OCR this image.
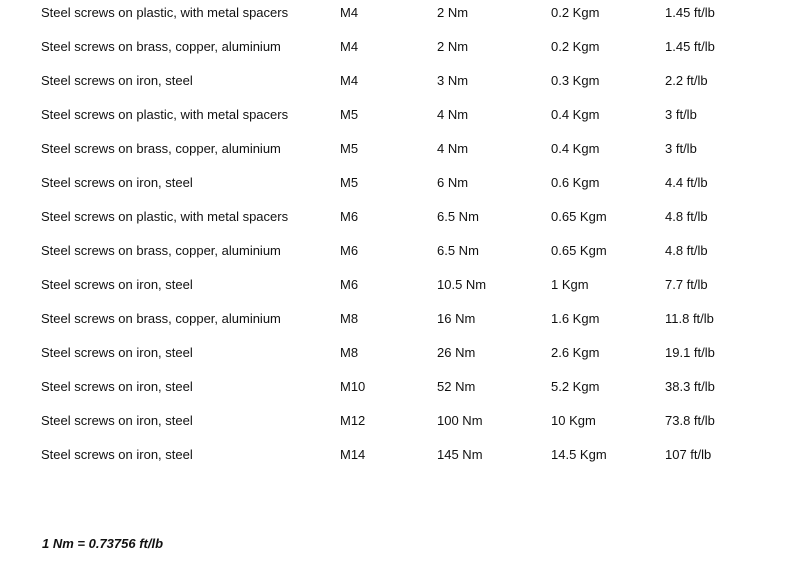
Steel screws on plastic, with metal spacers	M4	2 Nm	0.2 Kgm	1.45 ft/lb
Steel screws on brass, copper, aluminium	M4	2 Nm	0.2 Kgm	1.45 ft/lb
Steel screws on iron, steel	M4	3 Nm	0.3 Kgm	2.2 ft/lb
Steel screws on plastic, with metal spacers	M5	4 Nm	0.4 Kgm	3 ft/lb
Steel screws on brass, copper, aluminium	M5	4 Nm	0.4 Kgm	3 ft/lb
Steel screws on iron, steel	M5	6 Nm	0.6 Kgm	4.4 ft/lb
Steel screws on plastic, with metal spacers	M6	6.5 Nm	0.65 Kgm	4.8 ft/lb
Steel screws on brass, copper, aluminium	M6	6.5 Nm	0.65 Kgm	4.8 ft/lb
Steel screws on iron, steel	M6	10.5 Nm	1 Kgm	7.7 ft/lb
Steel screws on brass, copper, aluminium	M8	16 Nm	1.6 Kgm	11.8 ft/lb
Steel screws on iron, steel	M8	26 Nm	2.6 Kgm	19.1 ft/lb
Steel screws on iron, steel	M10	52 Nm	5.2 Kgm	38.3 ft/lb
Steel screws on iron, steel	M12	100 Nm	10 Kgm	73.8 ft/lb
Steel screws on iron, steel	M14	145 Nm	14.5 Kgm	107 ft/lb
1 Nm = 0.73756 ft/lb
